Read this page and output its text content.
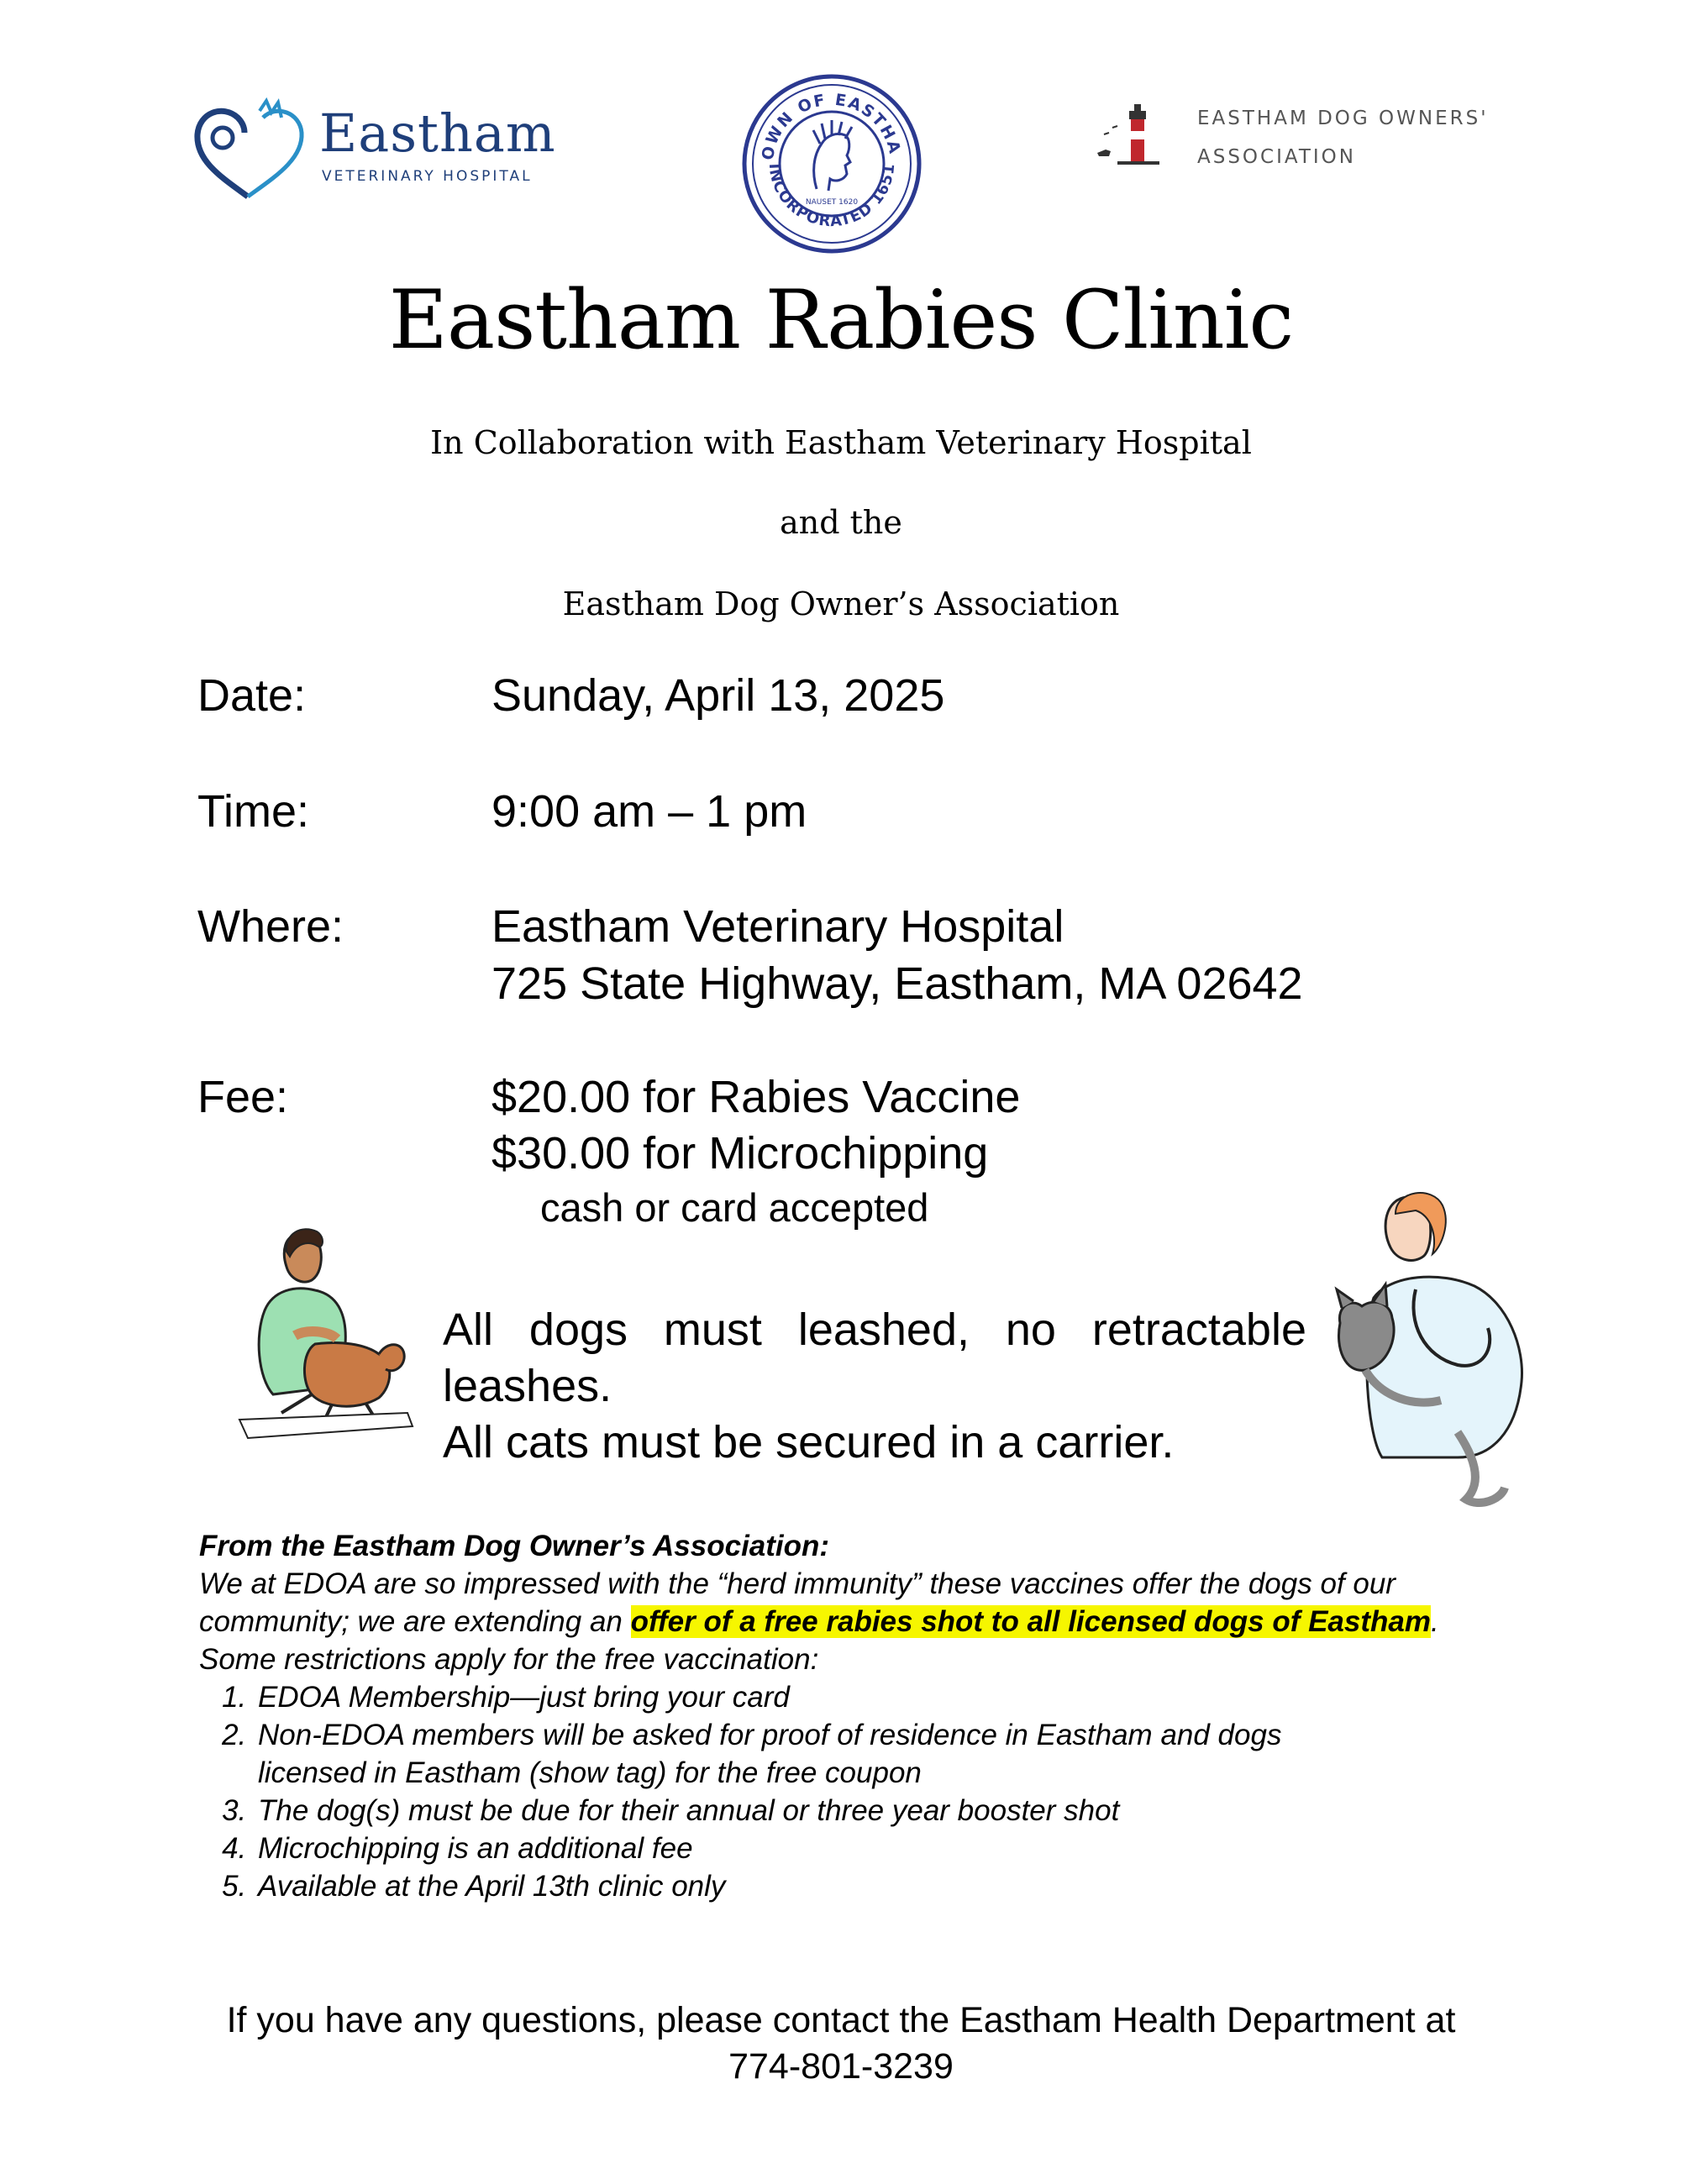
Eastham
VETERINARY HOSPITAL
OWN OF EASTHA
INCORPORATED 1651
NAUSET 1620
EASTHAM DOG OWNERS'
ASSOCIATION
Eastham Rabies Clinic
In Collaboration with Eastham Veterinary Hospital
and the
Eastham Dog Owner’s Association
Date:	Sunday, April 13, 2025
Time:	9:00 am – 1 pm
Where:	Eastham Veterinary Hospital
725 State Highway, Eastham, MA 02642
Fee:	$20.00 for Rabies Vaccine
$30.00 for Microchipping
cash or card accepted
All dogs must leashed, no retractable
leashes.
All cats must be secured in a carrier.
From the Eastham Dog Owner’s Association:
We at EDOA are so impressed with the “herd immunity” these vaccines offer the dogs of our community; we are extending an offer of a free rabies shot to all licensed dogs of Eastham.
Some restrictions apply for the free vaccination:
1. EDOA Membership—just bring your card
2. Non-EDOA members will be asked for proof of residence in Eastham and dogs licensed in Eastham (show tag) for the free coupon
3. The dog(s) must be due for their annual or three year booster shot
4. Microchipping is an additional fee
5. Available at the April 13th clinic only
If you have any questions, please contact the Eastham Health Department at
774-801-3239
